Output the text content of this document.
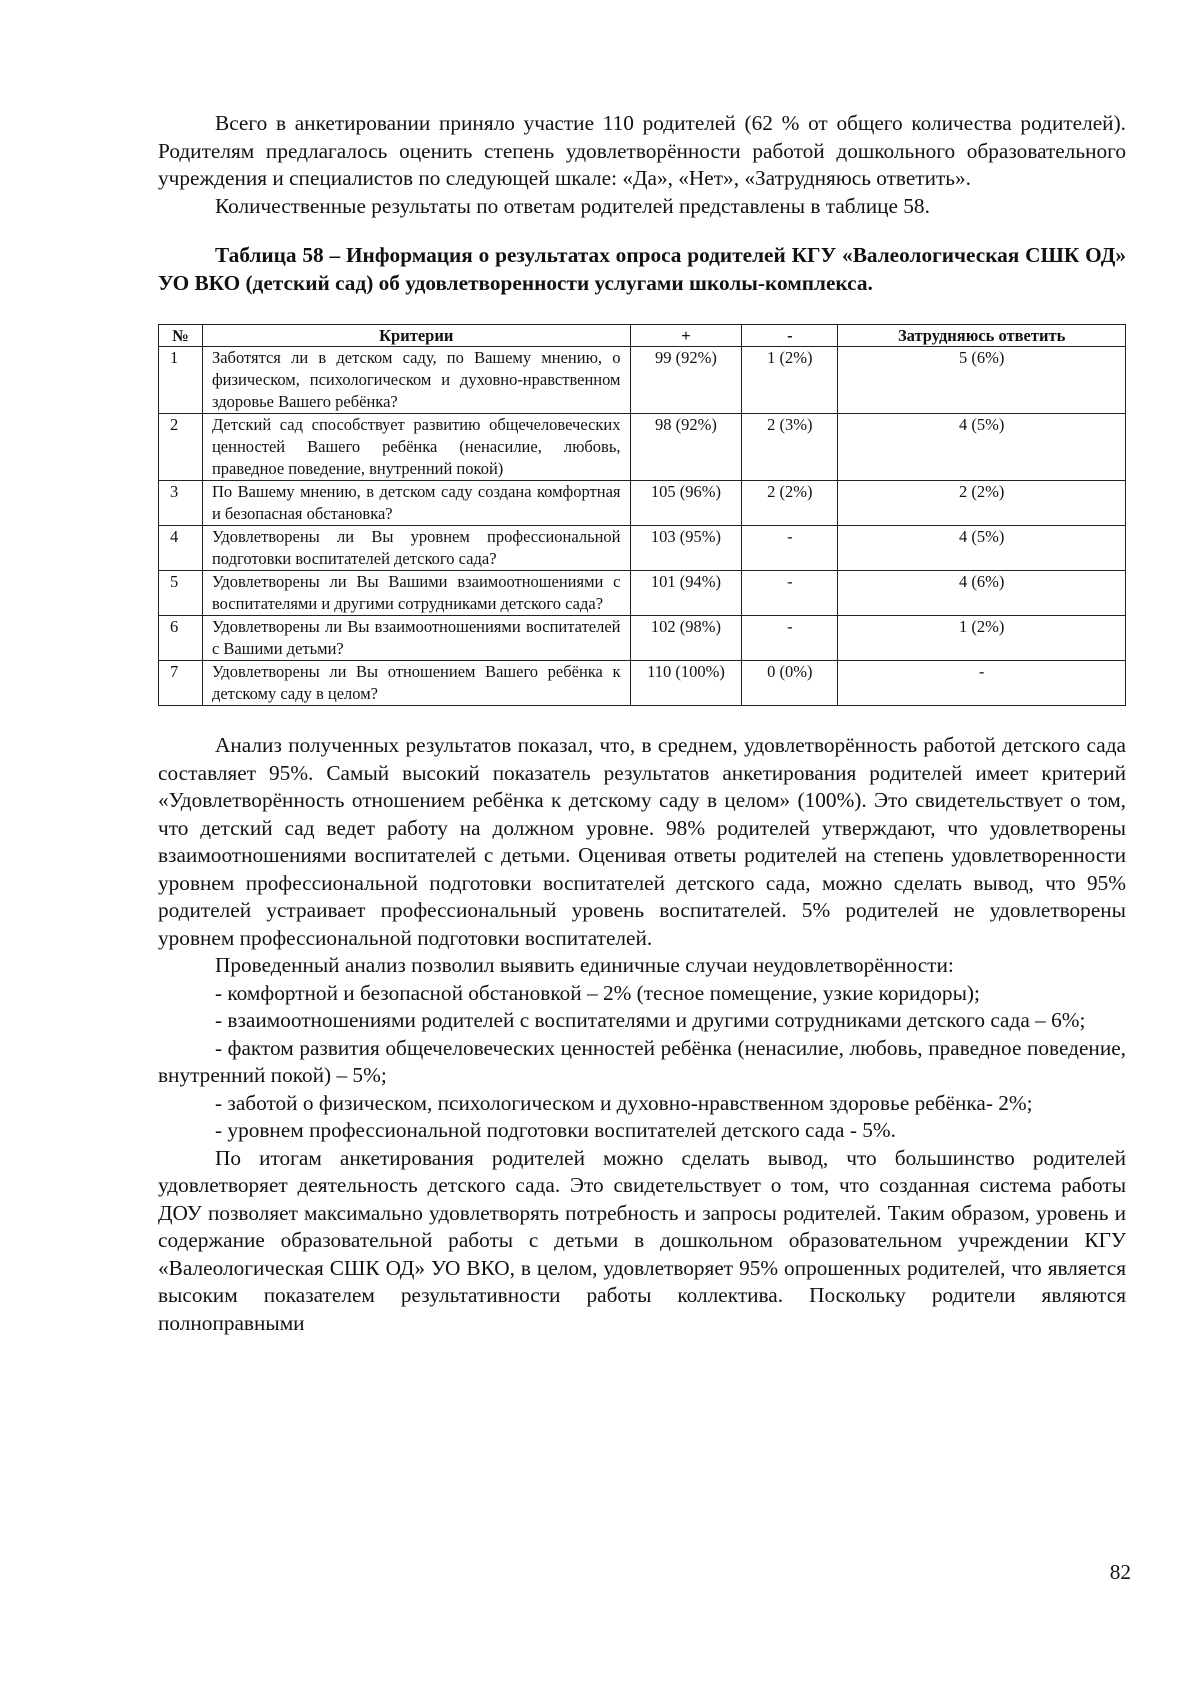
Всего в анкетировании приняло участие 110 родителей (62 % от общего количества родителей). Родителям предлагалось оценить степень удовлетворённости работой дошкольного образовательного учреждения и специалистов по следующей шкале: «Да», «Нет», «Затрудняюсь ответить».

Количественные результаты по ответам родителей представлены в таблице 58.

Таблица 58 – Информация о результатах опроса родителей КГУ «Валеологическая СШК ОД» УО ВКО (детский сад) об удовлетворенности услугами школы-комплекса.

№	Критерии	+	-	Затрудняюсь ответить
1	Заботятся ли в детском саду, по Вашему мнению, о физическом, психологическом и духовно-нравственном здоровье Вашего ребёнка?	99 (92%)	1 (2%)	5 (6%)
2	Детский сад способствует развитию общечеловеческих ценностей Вашего ребёнка (ненасилие, любовь, праведное поведение, внутренний покой)	98 (92%)	2 (3%)	4 (5%)
3	По Вашему мнению, в детском саду создана комфортная и безопасная обстановка?	105 (96%)	2 (2%)	2 (2%)
4	Удовлетворены ли Вы уровнем профессиональной подготовки воспитателей детского сада?	103 (95%)	-	4 (5%)
5	Удовлетворены ли Вы Вашими взаимоотношениями с воспитателями и другими сотрудниками детского сада?	101 (94%)	-	4 (6%)
6	Удовлетворены ли Вы взаимоотношениями воспитателей с Вашими детьми?	102 (98%)	-	1 (2%)
7	Удовлетворены ли Вы отношением Вашего ребёнка к детскому саду в целом?	110 (100%)	0 (0%)	-

Анализ полученных результатов показал, что, в среднем, удовлетворённость работой детского сада составляет 95%. Самый высокий показатель результатов анкетирования родителей имеет критерий «Удовлетворённость отношением ребёнка к детскому саду в целом» (100%). Это свидетельствует о том, что детский сад ведет работу на должном уровне. 98% родителей утверждают, что удовлетворены взаимоотношениями воспитателей с детьми. Оценивая ответы родителей на степень удовлетворенности уровнем профессиональной подготовки воспитателей детского сада, можно сделать вывод, что 95% родителей устраивает профессиональный уровень воспитателей. 5% родителей не удовлетворены уровнем профессиональной подготовки воспитателей.

Проведенный анализ позволил выявить единичные случаи неудовлетворённости:

- комфортной и безопасной обстановкой – 2% (тесное помещение, узкие коридоры);

- взаимоотношениями родителей с воспитателями и другими сотрудниками детского сада – 6%;

- фактом развития общечеловеческих ценностей ребёнка (ненасилие, любовь, праведное поведение, внутренний покой) – 5%;

- заботой о физическом, психологическом и духовно-нравственном здоровье ребёнка- 2%;

- уровнем профессиональной подготовки воспитателей детского сада - 5%.

По итогам анкетирования родителей можно сделать вывод, что большинство родителей удовлетворяет деятельность детского сада. Это свидетельствует о том, что созданная система работы ДОУ позволяет максимально удовлетворять потребность и запросы родителей. Таким образом, уровень и содержание образовательной работы с детьми в дошкольном образовательном учреждении КГУ «Валеологическая СШК ОД» УО ВКО, в целом, удовлетворяет 95% опрошенных родителей, что является высоким показателем результативности работы коллектива. Поскольку родители являются полноправными

82
